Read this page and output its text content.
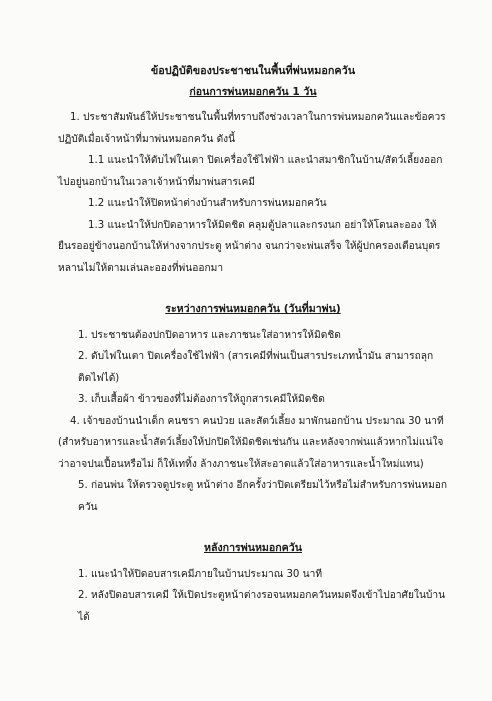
ข้อปฏิบัติของประชาชนในพื้นที่พ่นหมอกควัน

ก่อนการพ่นหมอกควัน 1 วัน

1. ประชาสัมพันธ์ให้ประชาชนในพื้นที่ทราบถึงช่วงเวลาในการพ่นหมอกควันและข้อควรปฏิบัติเมื่อเจ้าหน้าที่มาพ่นหมอกควัน ดังนี้

1.1 แนะนำให้ดับไฟในเตา ปิดเครื่องใช้ไฟฟ้า และนำสมาชิกในบ้าน/สัตว์เลี้ยงออกไปอยู่นอกบ้านในเวลาเจ้าหน้าที่มาพ่นสารเคมี

1.2 แนะนำให้ปิดหน้าต่างบ้านสำหรับการพ่นหมอกควัน

1.3 แนะนำให้ปกปิดอาหารให้มิดชิด คลุมตู้ปลาและกรงนก อย่าให้โดนละออง ให้ยืนรออยู่ข้างนอกบ้านให้ห่างจากประตู หน้าต่าง จนกว่าจะพ่นเสร็จ ให้ผู้ปกครองเตือนบุตรหลานไม่ให้ตามเล่นละอองที่พ่นออกมา

ระหว่างการพ่นหมอกควัน (วันที่มาพ่น)

1. ประชาชนต้องปกปิดอาหาร และภาชนะใส่อาหารให้มิดชิด

2. ดับไฟในเตา ปิดเครื่องใช้ไฟฟ้า (สารเคมีที่พ่นเป็นสารประเภทน้ำมัน สามารถลุกติดไฟได้)

3. เก็บเสื้อผ้า ข้าวของที่ไม่ต้องการให้ถูกสารเคมีให้มิดชิด

4. เจ้าของบ้านนำเด็ก คนชรา คนป่วย และสัตว์เลี้ยง มาพักนอกบ้าน ประมาณ 30 นาที (สำหรับอาหารและน้ำสัตว์เลี้ยงให้ปกปิดให้มิดชิดเช่นกัน และหลังจากพ่นแล้วหากไม่แน่ใจว่าอาจปนเปื้อนหรือไม่ ก็ให้เททิ้ง ล้างภาชนะให้สะอาดแล้วใส่อาหารและน้ำใหม่แทน)

5. ก่อนพ่น ให้ตรวจดูประตู หน้าต่าง อีกครั้งว่าปิดเตรียมไว้หรือไม่สำหรับการพ่นหมอกควัน

หลังการพ่นหมอกควัน

1. แนะนำให้ปิดอบสารเคมีภายในบ้านประมาณ 30 นาที

2. หลังปิดอบสารเคมี ให้เปิดประตูหน้าต่างรอจนหมอกควันหมดจึงเข้าไปอาศัยในบ้านได้
